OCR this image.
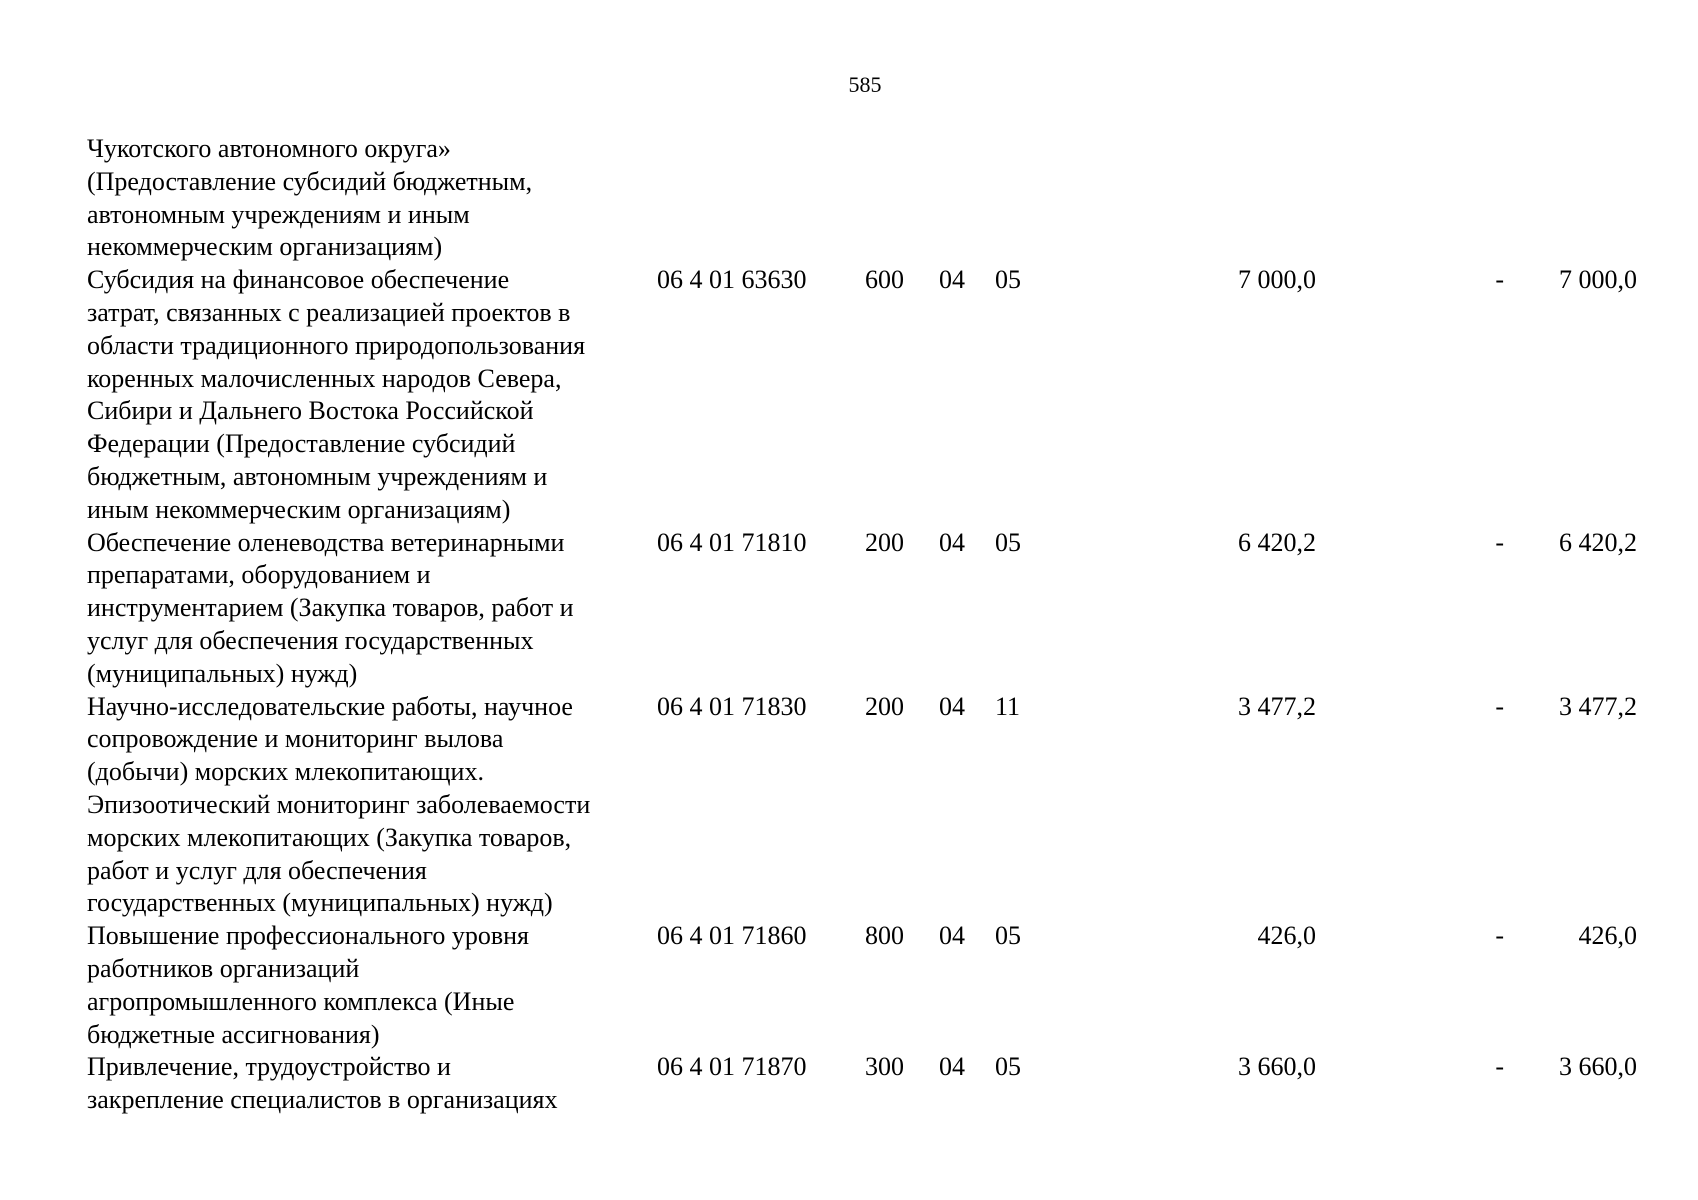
585
Чукотского автономного округа»
(Предоставление субсидий бюджетным,
автономным учреждениям и иным
некоммерческим организациям)
Субсидия на финансовое обеспечение
затрат, связанных с реализацией проектов в
области традиционного природопользования
коренных малочисленных народов Севера,
Сибири и Дальнего Востока Российской
Федерации (Предоставление субсидий
бюджетным, автономным учреждениям и
иным некоммерческим организациям)
06 4 01 63630 600 04 05	7 000,0	- 7 000,0
Обеспечение оленеводства ветеринарными
препаратами, оборудованием и
инструментарием (Закупка товаров, работ и
услуг для обеспечения государственных
(муниципальных) нужд)
06 4 01 71810 200 04 05	6 420,2	- 6 420,2
Научно-исследовательские работы, научное
сопровождение и мониторинг вылова
(добычи) морских млекопитающих.
Эпизоотический мониторинг заболеваемости
морских млекопитающих (Закупка товаров,
работ и услуг для обеспечения
государственных (муниципальных) нужд)
06 4 01 71830 200 04 11	3 477,2	- 3 477,2
Повышение профессионального уровня
работников организаций
агропромышленного комплекса (Иные
бюджетные ассигнования)
06 4 01 71860 800 04 05	426,0	-	426,0
Привлечение, трудоустройство и
закрепление специалистов в организациях
06 4 01 71870 300 04 05	3 660,0	- 3 660,0
